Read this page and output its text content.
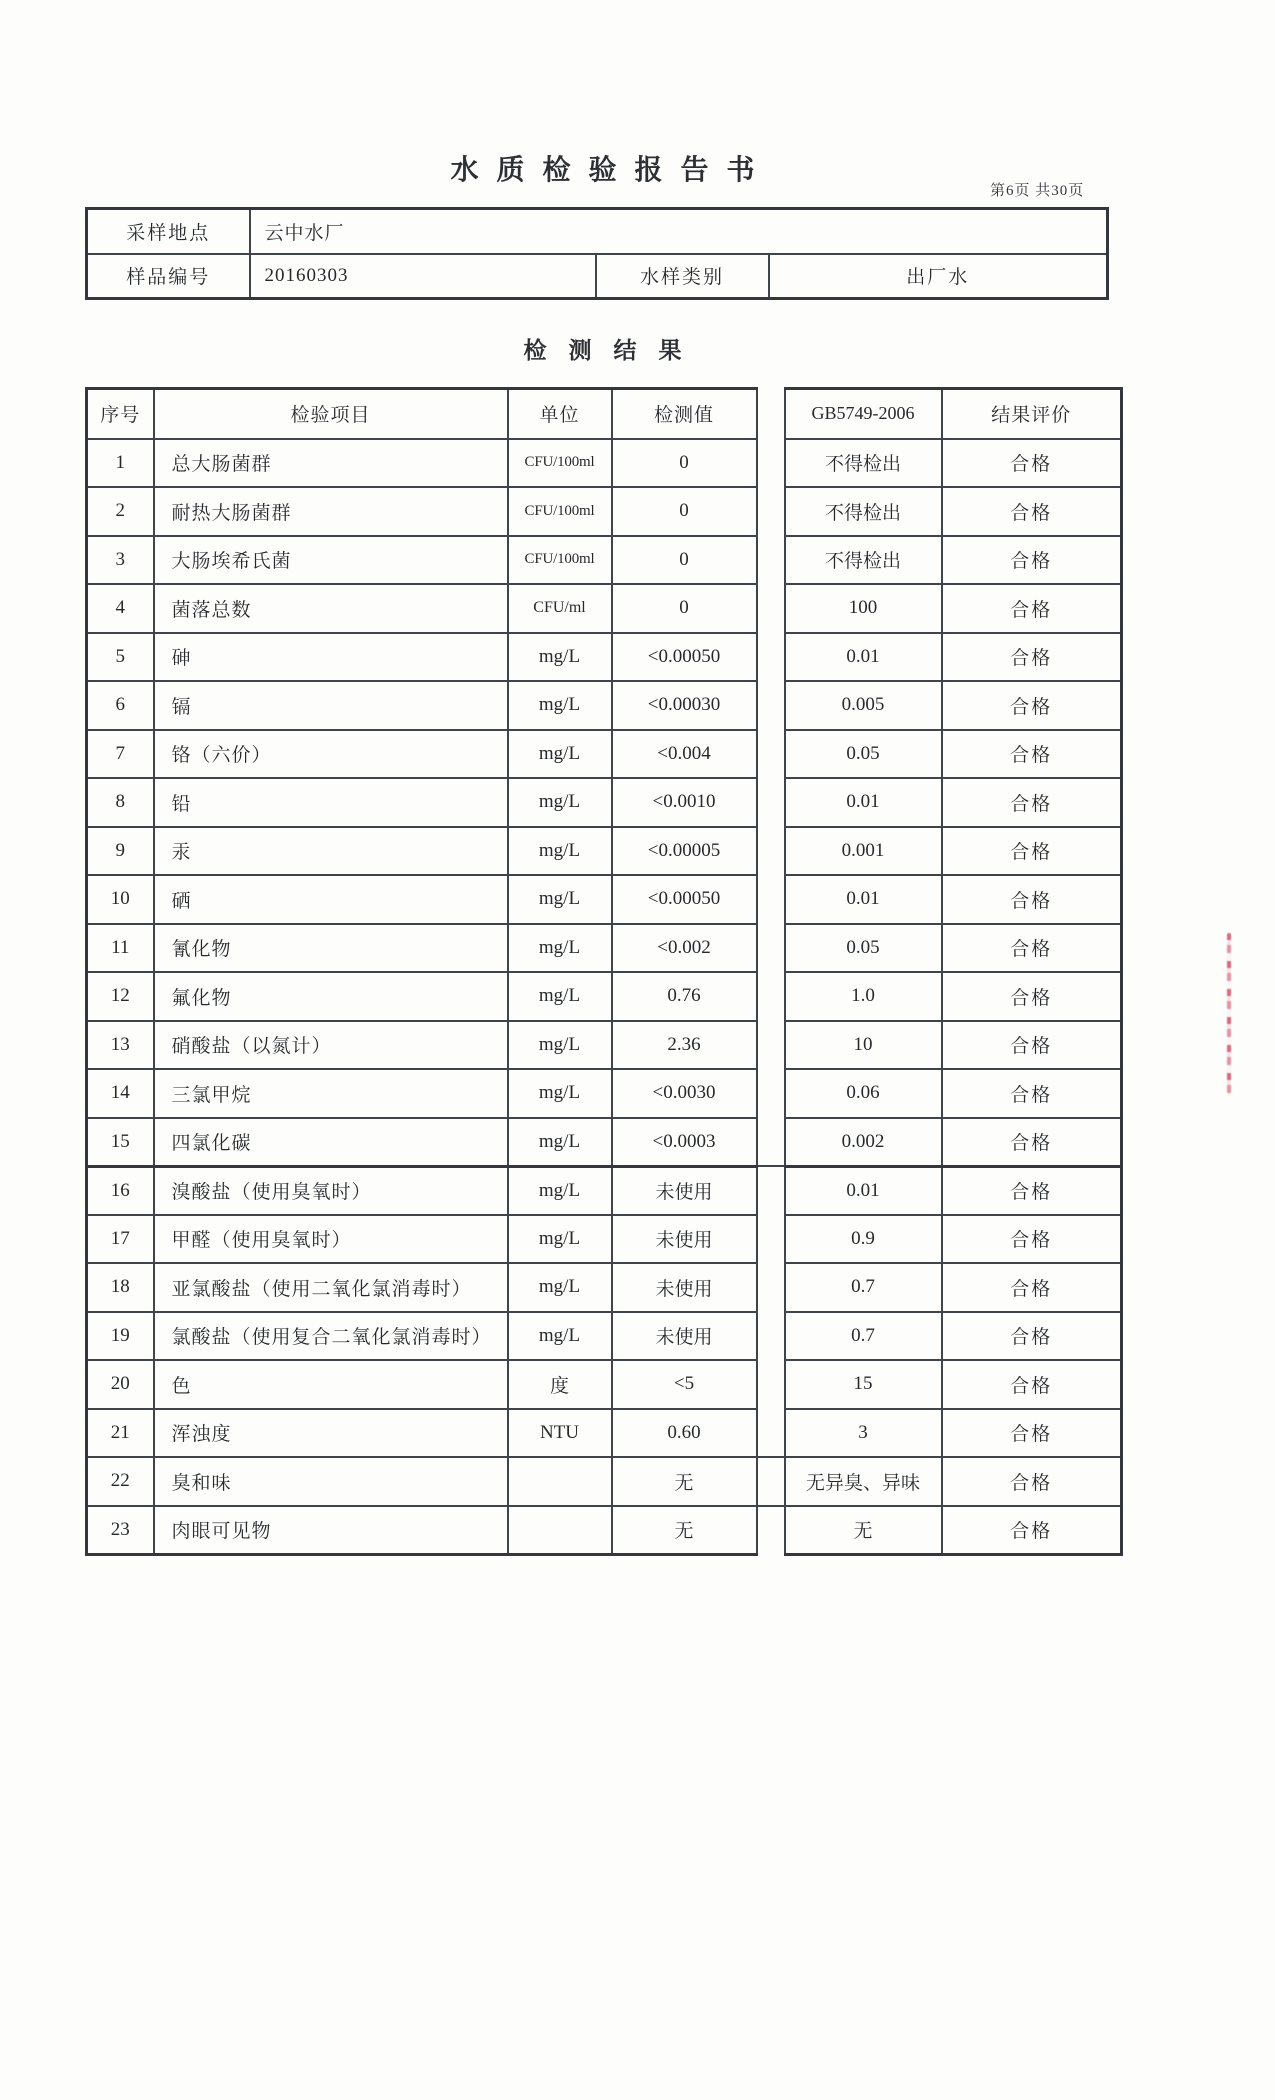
水质检验报告书
第6页 共30页
采样地点	云中水厂		
样品编号	20160303	水样类别	出厂水
检测结果
序号	检验项目	单位	检测值		GB5749-2006	结果评价
1	总大肠菌群	CFU/100ml	0		不得检出	合格
2	耐热大肠菌群	CFU/100ml	0		不得检出	合格
3	大肠埃希氏菌	CFU/100ml	0		不得检出	合格
4	菌落总数	CFU/ml	0		100	合格
5	砷	mg/L	<0.00050		0.01	合格
6	镉	mg/L	<0.00030		0.005	合格
7	铬（六价）	mg/L	<0.004		0.05	合格
8	铅	mg/L	<0.0010		0.01	合格
9	汞	mg/L	<0.00005		0.001	合格
10	硒	mg/L	<0.00050		0.01	合格
11	氰化物	mg/L	<0.002		0.05	合格
12	氟化物	mg/L	0.76		1.0	合格
13	硝酸盐（以氮计）	mg/L	2.36		10	合格
14	三氯甲烷	mg/L	<0.0030		0.06	合格
15	四氯化碳	mg/L	<0.0003		0.002	合格
16	溴酸盐（使用臭氧时）	mg/L	未使用		0.01	合格
17	甲醛（使用臭氧时）	mg/L	未使用		0.9	合格
18	亚氯酸盐（使用二氧化氯消毒时）	mg/L	未使用		0.7	合格
19	氯酸盐（使用复合二氧化氯消毒时）	mg/L	未使用		0.7	合格
20	色	度	<5		15	合格
21	浑浊度	NTU	0.60		3	合格
22	臭和味		无		无异臭、异味	合格
23	肉眼可见物		无		无	合格
